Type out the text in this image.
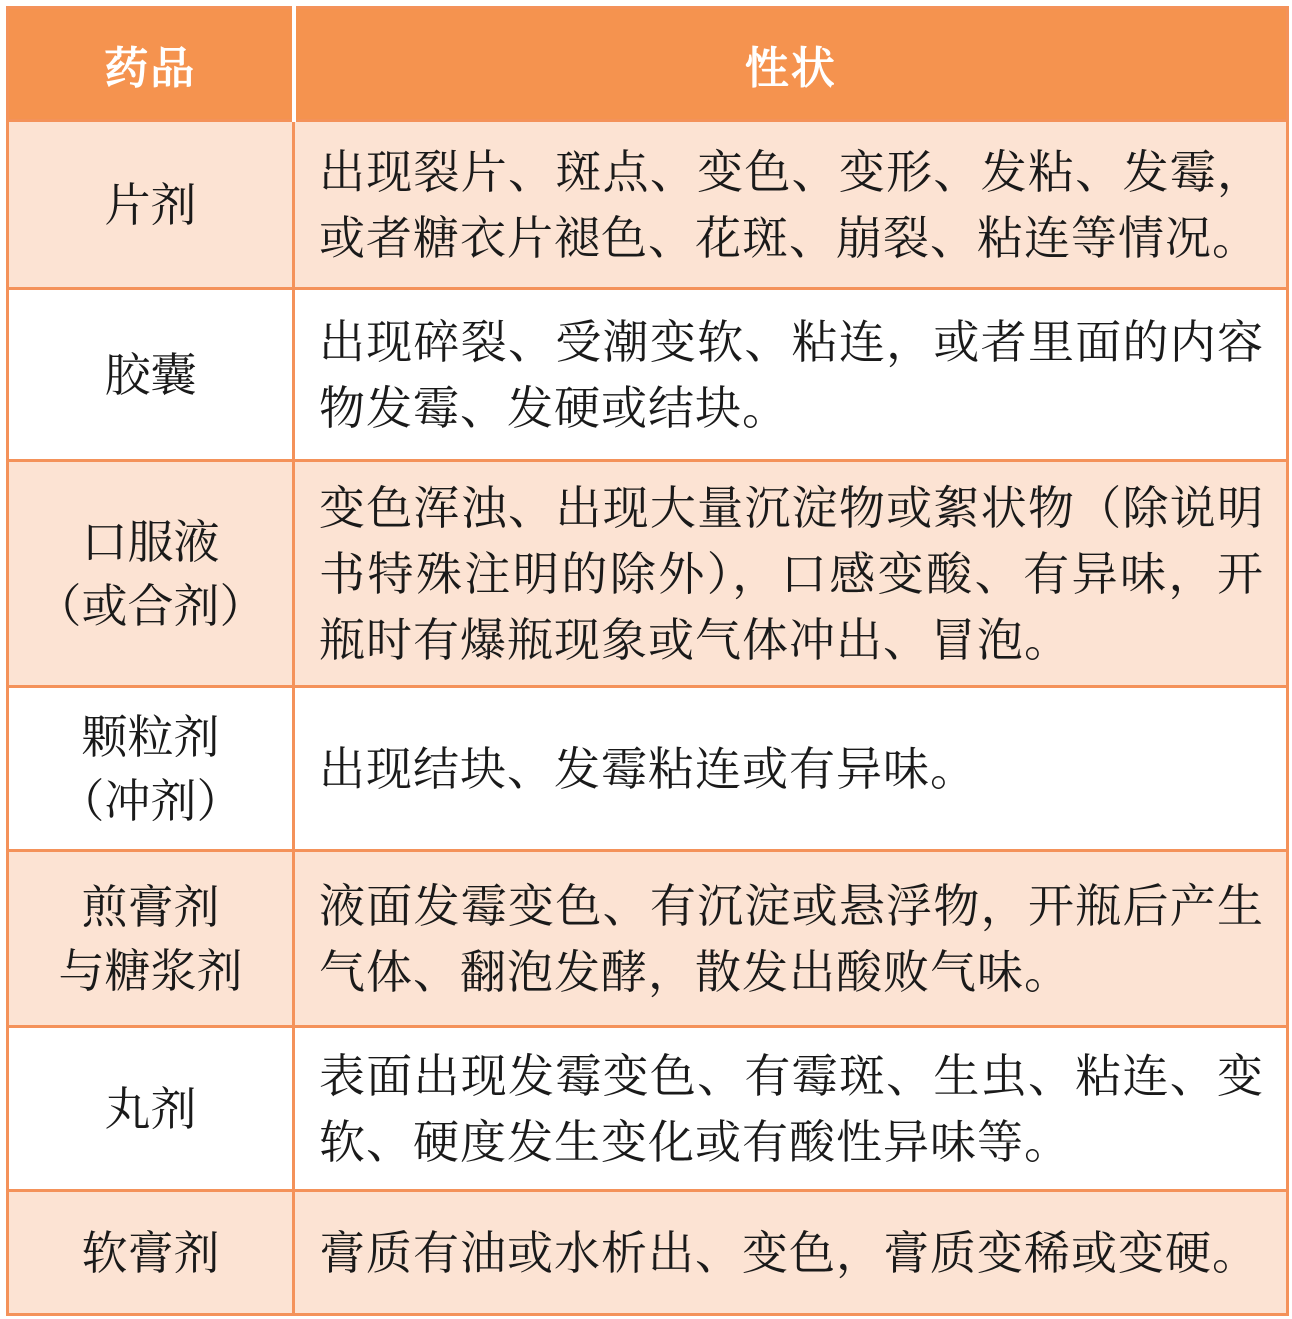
药品	性状
片剂	出现裂片、斑点、变色、变形、发粘、发霉，或者糖衣片褪色、花斑、崩裂、粘连等情况。
胶囊	出现碎裂、受潮变软、粘连，或者里面的内容物发霉、发硬或结块。
口服液
（或合剂）	变色浑浊、出现大量沉淀物或絮状物（除说明书特殊注明的除外），口感变酸、有异味，开瓶时有爆瓶现象或气体冲出、冒泡。
颗粒剂
（冲剂）	出现结块、发霉粘连或有异味。
煎膏剂
与糖浆剂	液面发霉变色、有沉淀或悬浮物，开瓶后产生气体、翻泡发酵，散发出酸败气味。
丸剂	表面出现发霉变色、有霉斑、生虫、粘连、变软、硬度发生变化或有酸性异味等。
软膏剂	膏质有油或水析出、变色，膏质变稀或变硬。
